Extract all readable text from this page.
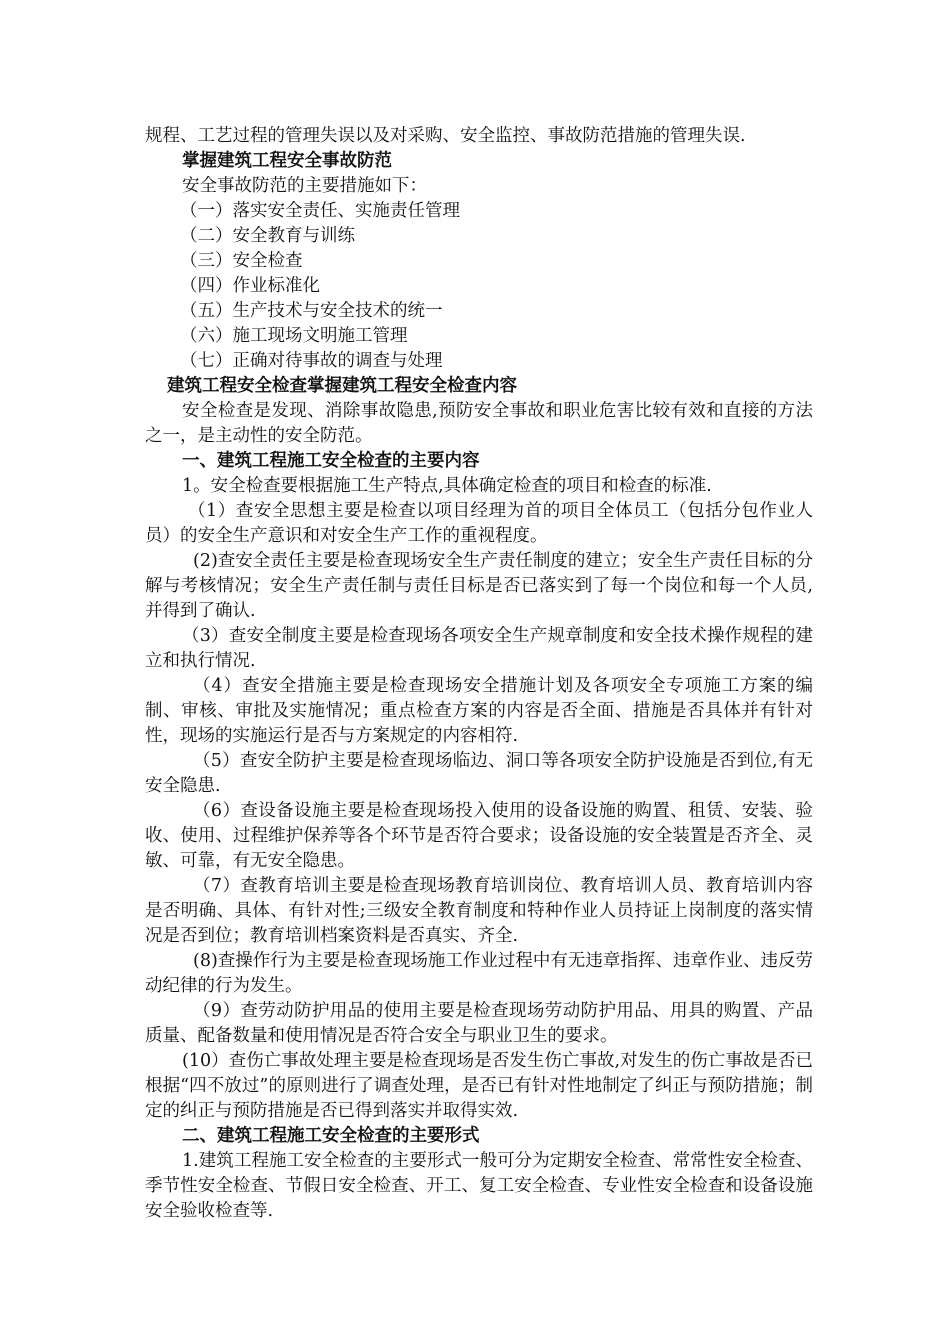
规程、工艺过程的管理失误以及对采购、安全监控、事故防范措施的管理失误.

掌握建筑工程安全事故防范

安全事故防范的主要措施如下：

（一）落实安全责任、实施责任管理

（二）安全教育与训练

（三）安全检查

（四）作业标准化

（五）生产技术与安全技术的统一

（六）施工现场文明施工管理

（七）正确对待事故的调查与处理

建筑工程安全检查掌握建筑工程安全检查内容

安全检查是发现、消除事故隐患,预防安全事故和职业危害比较有效和直接的方法之一，是主动性的安全防范。

一、建筑工程施工安全检查的主要内容

1。安全检查要根据施工生产特点,具体确定检查的项目和检查的标准.

（1）查安全思想主要是检查以项目经理为首的项目全体员工（包括分包作业人员）的安全生产意识和对安全生产工作的重视程度。

(2)查安全责任主要是检查现场安全生产责任制度的建立；安全生产责任目标的分解与考核情况；安全生产责任制与责任目标是否已落实到了每一个岗位和每一个人员,并得到了确认.

（3）查安全制度主要是检查现场各项安全生产规章制度和安全技术操作规程的建立和执行情况.

（4）查安全措施主要是检查现场安全措施计划及各项安全专项施工方案的编制、审核、审批及实施情况；重点检查方案的内容是否全面、措施是否具体并有针对性，现场的实施运行是否与方案规定的内容相符.

（5）查安全防护主要是检查现场临边、洞口等各项安全防护设施是否到位,有无安全隐患.

（6）查设备设施主要是检查现场投入使用的设备设施的购置、租赁、安装、验收、使用、过程维护保养等各个环节是否符合要求；设备设施的安全装置是否齐全、灵敏、可靠，有无安全隐患。

（7）查教育培训主要是检查现场教育培训岗位、教育培训人员、教育培训内容是否明确、具体、有针对性;三级安全教育制度和特种作业人员持证上岗制度的落实情况是否到位；教育培训档案资料是否真实、齐全.

(8)查操作行为主要是检查现场施工作业过程中有无违章指挥、违章作业、违反劳动纪律的行为发生。

（9）查劳动防护用品的使用主要是检查现场劳动防护用品、用具的购置、产品质量、配备数量和使用情况是否符合安全与职业卫生的要求。

(10）查伤亡事故处理主要是检查现场是否发生伤亡事故,对发生的伤亡事故是否已根据“四不放过”的原则进行了调查处理，是否已有针对性地制定了纠正与预防措施；制定的纠正与预防措施是否已得到落实并取得实效.

二、建筑工程施工安全检查的主要形式

1.建筑工程施工安全检查的主要形式一般可分为定期安全检查、常常性安全检查、季节性安全检查、节假日安全检查、开工、复工安全检查、专业性安全检查和设备设施安全验收检查等.
